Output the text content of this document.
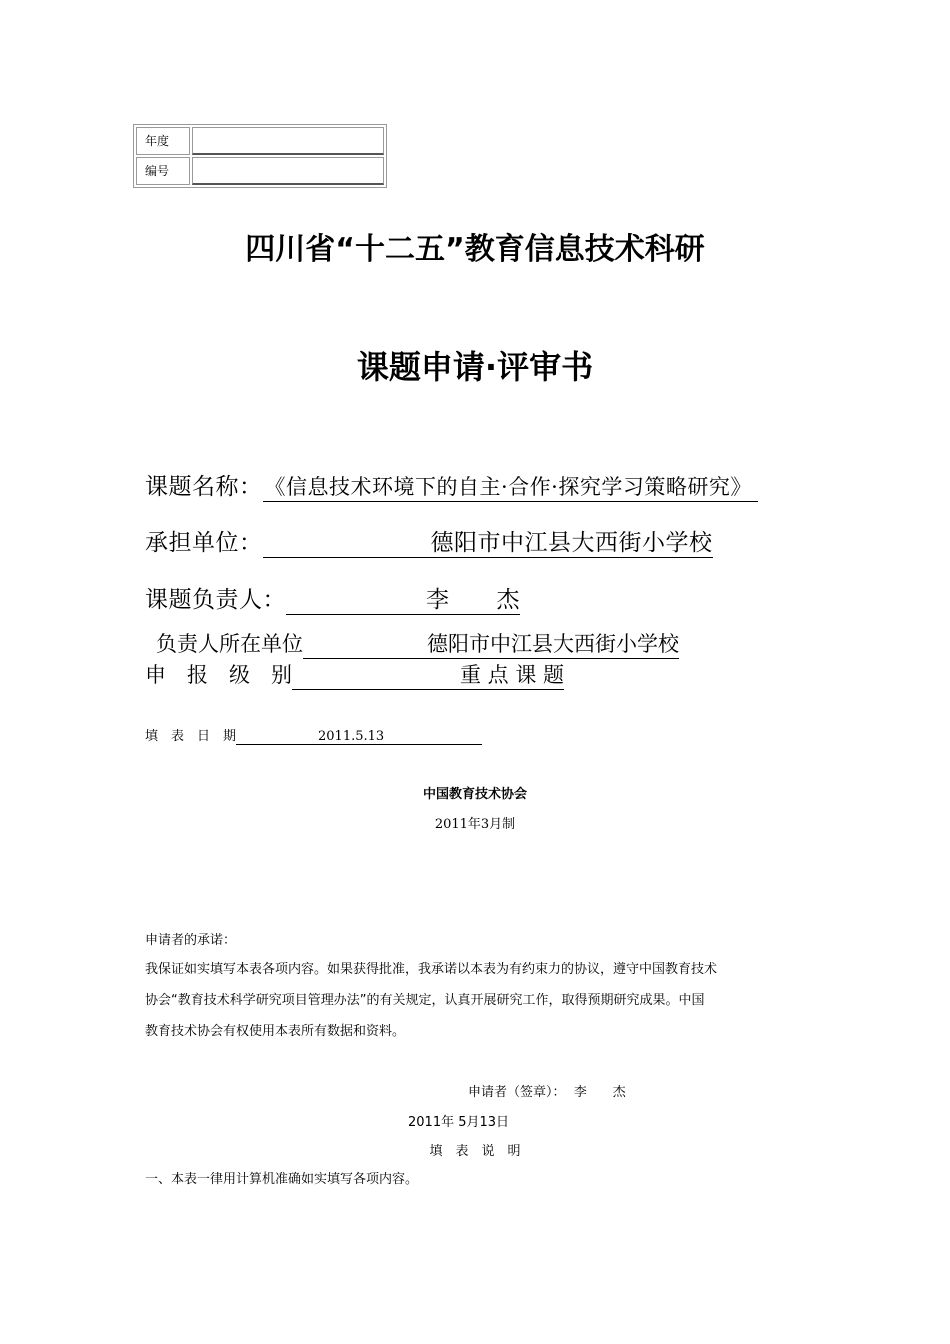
年度
编号
四川省“十二五”教育信息技术科研
课题申请·评审书
课题名称：《信息技术环境下的自主·合作·探究学习策略研究》
承担单位：	德阳市中江县大西街小学校
课题负责人：	李　　杰
负责人所在单位	德阳市中江县大西街小学校
申　报　级　别	重 点 课 题
填　表　日　期	2011.5.13
中国教育技术协会
2011年3月制
申请者的承诺：
我保证如实填写本表各项内容。如果获得批准，我承诺以本表为有约束力的协议，遵守中国教育技术
协会“教育技术科学研究项目管理办法”的有关规定，认真开展研究工作，取得预期研究成果。中国
教育技术协会有权使用本表所有数据和资料。
申请者（签章）：  李　　杰
2011年 5月13日
填　表　说　明
一、本表一律用计算机准确如实填写各项内容。
